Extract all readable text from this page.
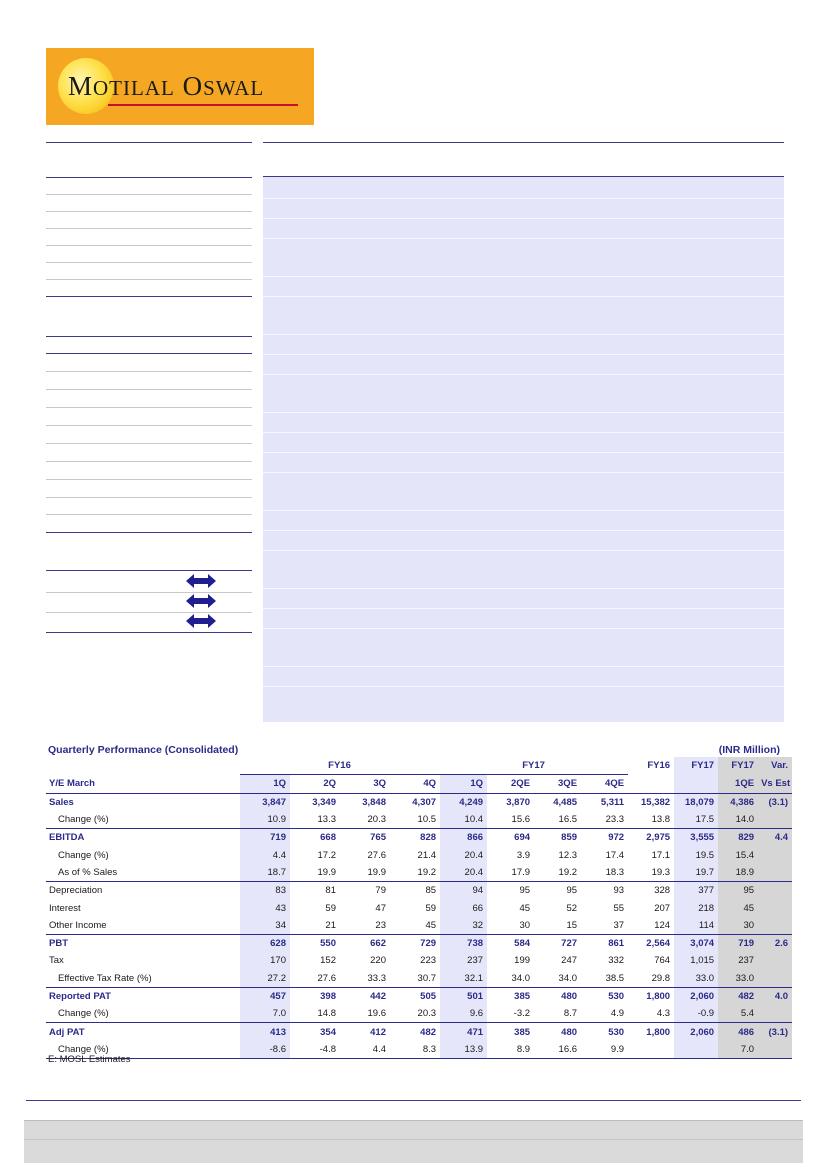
MOTILAL OSWAL
Quarterly Performance (Consolidated)	(INR Million)
	FY16				FY17				FY16	FY17	FY17	Var.
Y/E March	1Q	2Q	3Q	4Q	1Q	2QE	3QE	4QE			1QE	Vs Est
Sales	3,847	3,349	3,848	4,307	4,249	3,870	4,485	5,311	15,382	18,079	4,386	(3.1)
Change (%)	10.9	13.3	20.3	10.5	10.4	15.6	16.5	23.3	13.8	17.5	14.0	
EBITDA	719	668	765	828	866	694	859	972	2,975	3,555	829	4.4
Change (%)	4.4	17.2	27.6	21.4	20.4	3.9	12.3	17.4	17.1	19.5	15.4	
As of % Sales	18.7	19.9	19.9	19.2	20.4	17.9	19.2	18.3	19.3	19.7	18.9	
Depreciation	83	81	79	85	94	95	95	93	328	377	95	
Interest	43	59	47	59	66	45	52	55	207	218	45	
Other Income	34	21	23	45	32	30	15	37	124	114	30	
PBT	628	550	662	729	738	584	727	861	2,564	3,074	719	2.6
Tax	170	152	220	223	237	199	247	332	764	1,015	237	
Effective Tax Rate (%)	27.2	27.6	33.3	30.7	32.1	34.0	34.0	38.5	29.8	33.0	33.0	
Reported PAT	457	398	442	505	501	385	480	530	1,800	2,060	482	4.0
Change (%)	7.0	14.8	19.6	20.3	9.6	-3.2	8.7	4.9	4.3	-0.9	5.4	
Adj PAT	413	354	412	482	471	385	480	530	1,800	2,060	486	(3.1)
Change (%)	-8.6	-4.8	4.4	8.3	13.9	8.9	16.6	9.9			7.0	
E: MOSL Estimates
